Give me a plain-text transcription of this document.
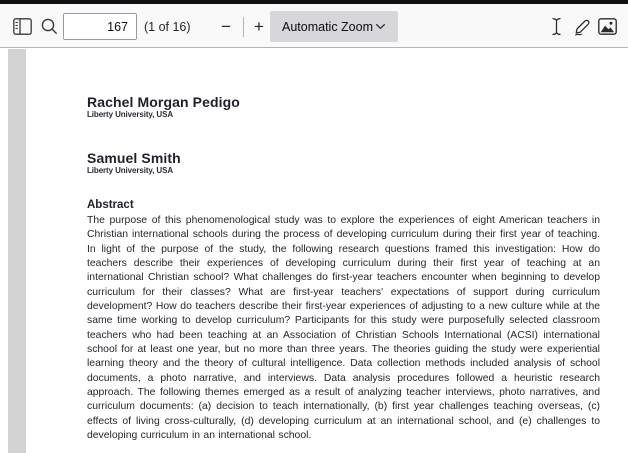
167
(1 of 16)	−	+	Automatic Zoom
Rachel Morgan Pedigo
Liberty University, USA
Samuel Smith
Liberty University, USA
Abstract
The purpose of this phenomenological study was to explore the experiences of eight American teachers in Christian international schools during the process of developing curriculum during their first year of teaching. In light of the purpose of the study, the following research questions framed this investigation: How do teachers describe their experiences of developing curriculum during their first year of teaching at an international Christian school? What challenges do first-year teachers encounter when beginning to develop curriculum for their classes? What are first-year teachers' expectations of support during curriculum development? How do teachers describe their first-year experiences of adjusting to a new culture while at the same time working to develop curriculum? Participants for this study were purposefully selected classroom teachers who had been teaching at an Association of Christian Schools International (ACSI) international school for at least one year, but no more than three years. The theories guiding the study were experiential learning theory and the theory of cultural intelligence. Data collection methods included analysis of school documents, a photo narrative, and interviews. Data analysis procedures followed a heuristic research approach. The following themes emerged as a result of analyzing teacher interviews, photo narratives, and curriculum documents: (a) decision to teach internationally, (b) first year challenges teaching overseas, (c) effects of living cross-culturally, (d) developing curriculum at an international school, and (e) challenges to developing curriculum in an international school.
